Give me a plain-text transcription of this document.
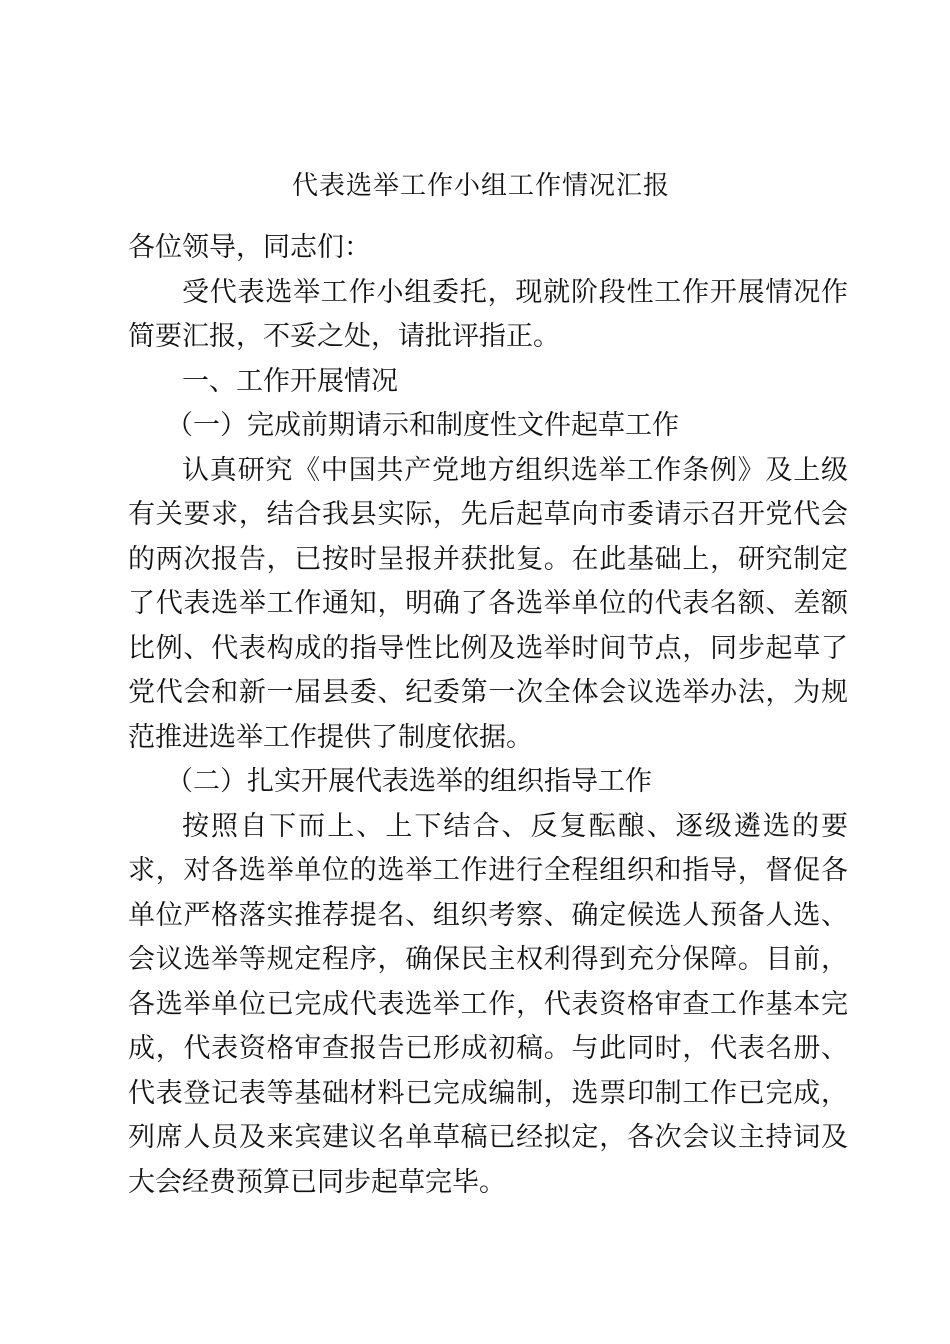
代表选举工作小组工作情况汇报

各位领导，同志们：

受代表选举工作小组委托，现就阶段性工作开展情况作简要汇报，不妥之处，请批评指正。

一、工作开展情况

（一）完成前期请示和制度性文件起草工作

认真研究《中国共产党地方组织选举工作条例》及上级有关要求，结合我县实际，先后起草向市委请示召开党代会的两次报告，已按时呈报并获批复。在此基础上，研究制定了代表选举工作通知，明确了各选举单位的代表名额、差额比例、代表构成的指导性比例及选举时间节点，同步起草了党代会和新一届县委、纪委第一次全体会议选举办法，为规范推进选举工作提供了制度依据。

（二）扎实开展代表选举的组织指导工作

按照自下而上、上下结合、反复酝酿、逐级遴选的要求，对各选举单位的选举工作进行全程组织和指导，督促各单位严格落实推荐提名、组织考察、确定候选人预备人选、会议选举等规定程序，确保民主权利得到充分保障。目前，各选举单位已完成代表选举工作，代表资格审查工作基本完成，代表资格审查报告已形成初稿。与此同时，代表名册、代表登记表等基础材料已完成编制，选票印制工作已完成，列席人员及来宾建议名单草稿已经拟定，各次会议主持词及大会经费预算已同步起草完毕。
